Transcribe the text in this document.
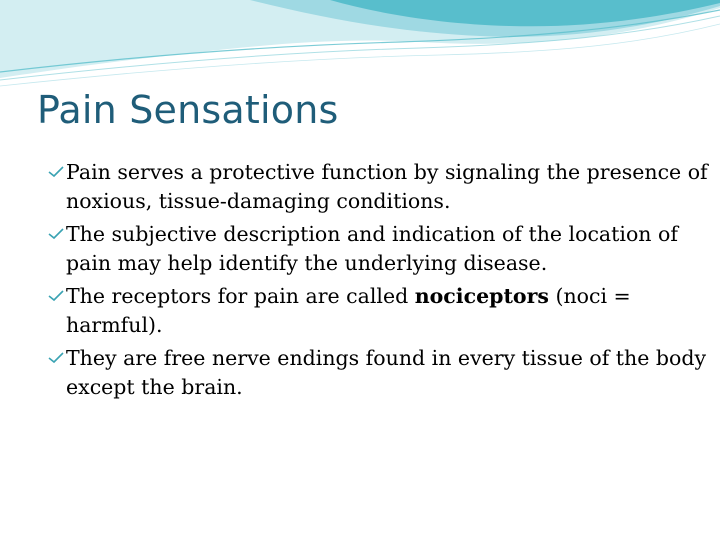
Pain Sensations
Pain serves a protective function by signaling the presence of noxious, tissue-damaging conditions.
The subjective description and indication of the location of pain may help identify the underlying disease.
The receptors for pain are called nociceptors (noci = harmful).
They are free nerve endings found in every tissue of the body except the brain.
